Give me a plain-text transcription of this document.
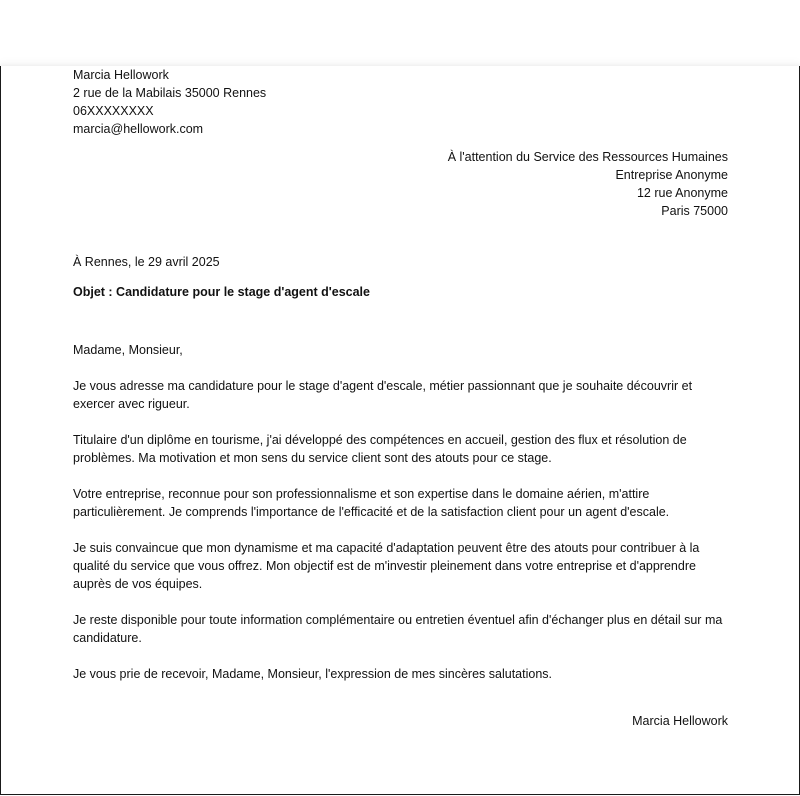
Marcia Hellowork
2 rue de la Mabilais 35000 Rennes
06XXXXXXXX
marcia@hellowork.com
À l'attention du Service des Ressources Humaines
Entreprise Anonyme
12 rue Anonyme
Paris 75000
À Rennes, le 29 avril 2025
Objet : Candidature pour le stage d'agent d'escale

Madame, Monsieur,

Je vous adresse ma candidature pour le stage d'agent d'escale, métier passionnant que je souhaite découvrir et exercer avec rigueur.

Titulaire d'un diplôme en tourisme, j'ai développé des compétences en accueil, gestion des flux et résolution de problèmes. Ma motivation et mon sens du service client sont des atouts pour ce stage.

Votre entreprise, reconnue pour son professionnalisme et son expertise dans le domaine aérien, m'attire particulièrement. Je comprends l'importance de l'efficacité et de la satisfaction client pour un agent d'escale.

Je suis convaincue que mon dynamisme et ma capacité d'adaptation peuvent être des atouts pour contribuer à la qualité du service que vous offrez. Mon objectif est de m'investir pleinement dans votre entreprise et d'apprendre auprès de vos équipes.

Je reste disponible pour toute information complémentaire ou entretien éventuel afin d'échanger plus en détail sur ma candidature.

Je vous prie de recevoir, Madame, Monsieur, l'expression de mes sincères salutations.

Marcia Hellowork
